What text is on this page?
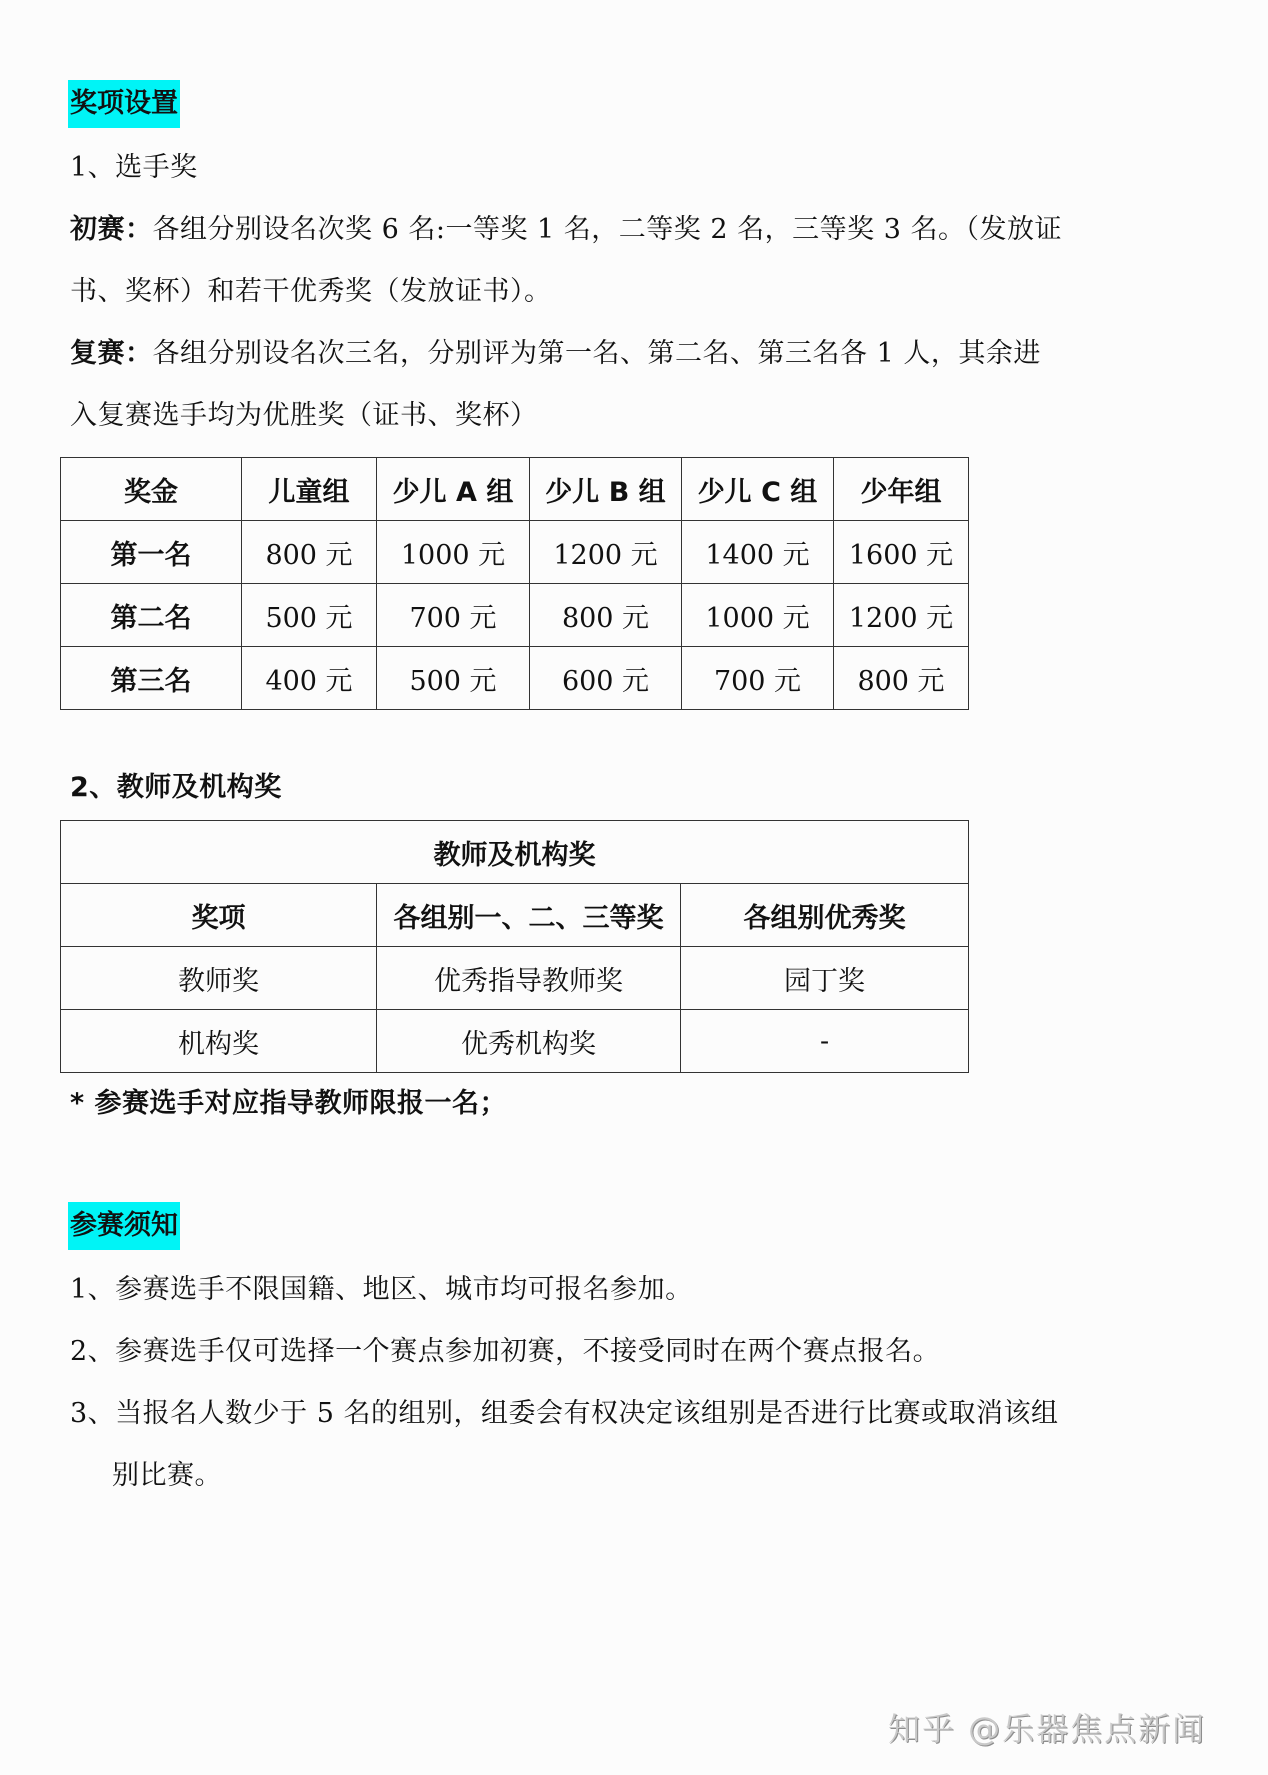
奖项设置
1、选手奖
初赛：各组分别设名次奖 6 名:一等奖 1 名，二等奖 2 名，三等奖 3 名。（发放证
书、奖杯）和若干优秀奖（发放证书）。
复赛：各组分别设名次三名，分别评为第一名、第二名、第三名各 1 人，其余进
入复赛选手均为优胜奖（证书、奖杯）
奖金	儿童组	少儿 A 组	少儿 B 组	少儿 C 组	少年组
第一名	800 元	1000 元	1200 元	1400 元	1600 元
第二名	500 元	700 元	800 元	1000 元	1200 元
第三名	400 元	500 元	600 元	700 元	800 元
2、教师及机构奖
教师及机构奖		
奖项	各组别一、二、三等奖	各组别优秀奖
教师奖	优秀指导教师奖	园丁奖
机构奖	优秀机构奖	-
* 参赛选手对应指导教师限报一名；
参赛须知
1、参赛选手不限国籍、地区、城市均可报名参加。
2、参赛选手仅可选择一个赛点参加初赛，不接受同时在两个赛点报名。
3、当报名人数少于 5 名的组别，组委会有权决定该组别是否进行比赛或取消该组
别比赛。
知乎 @乐器焦点新闻
